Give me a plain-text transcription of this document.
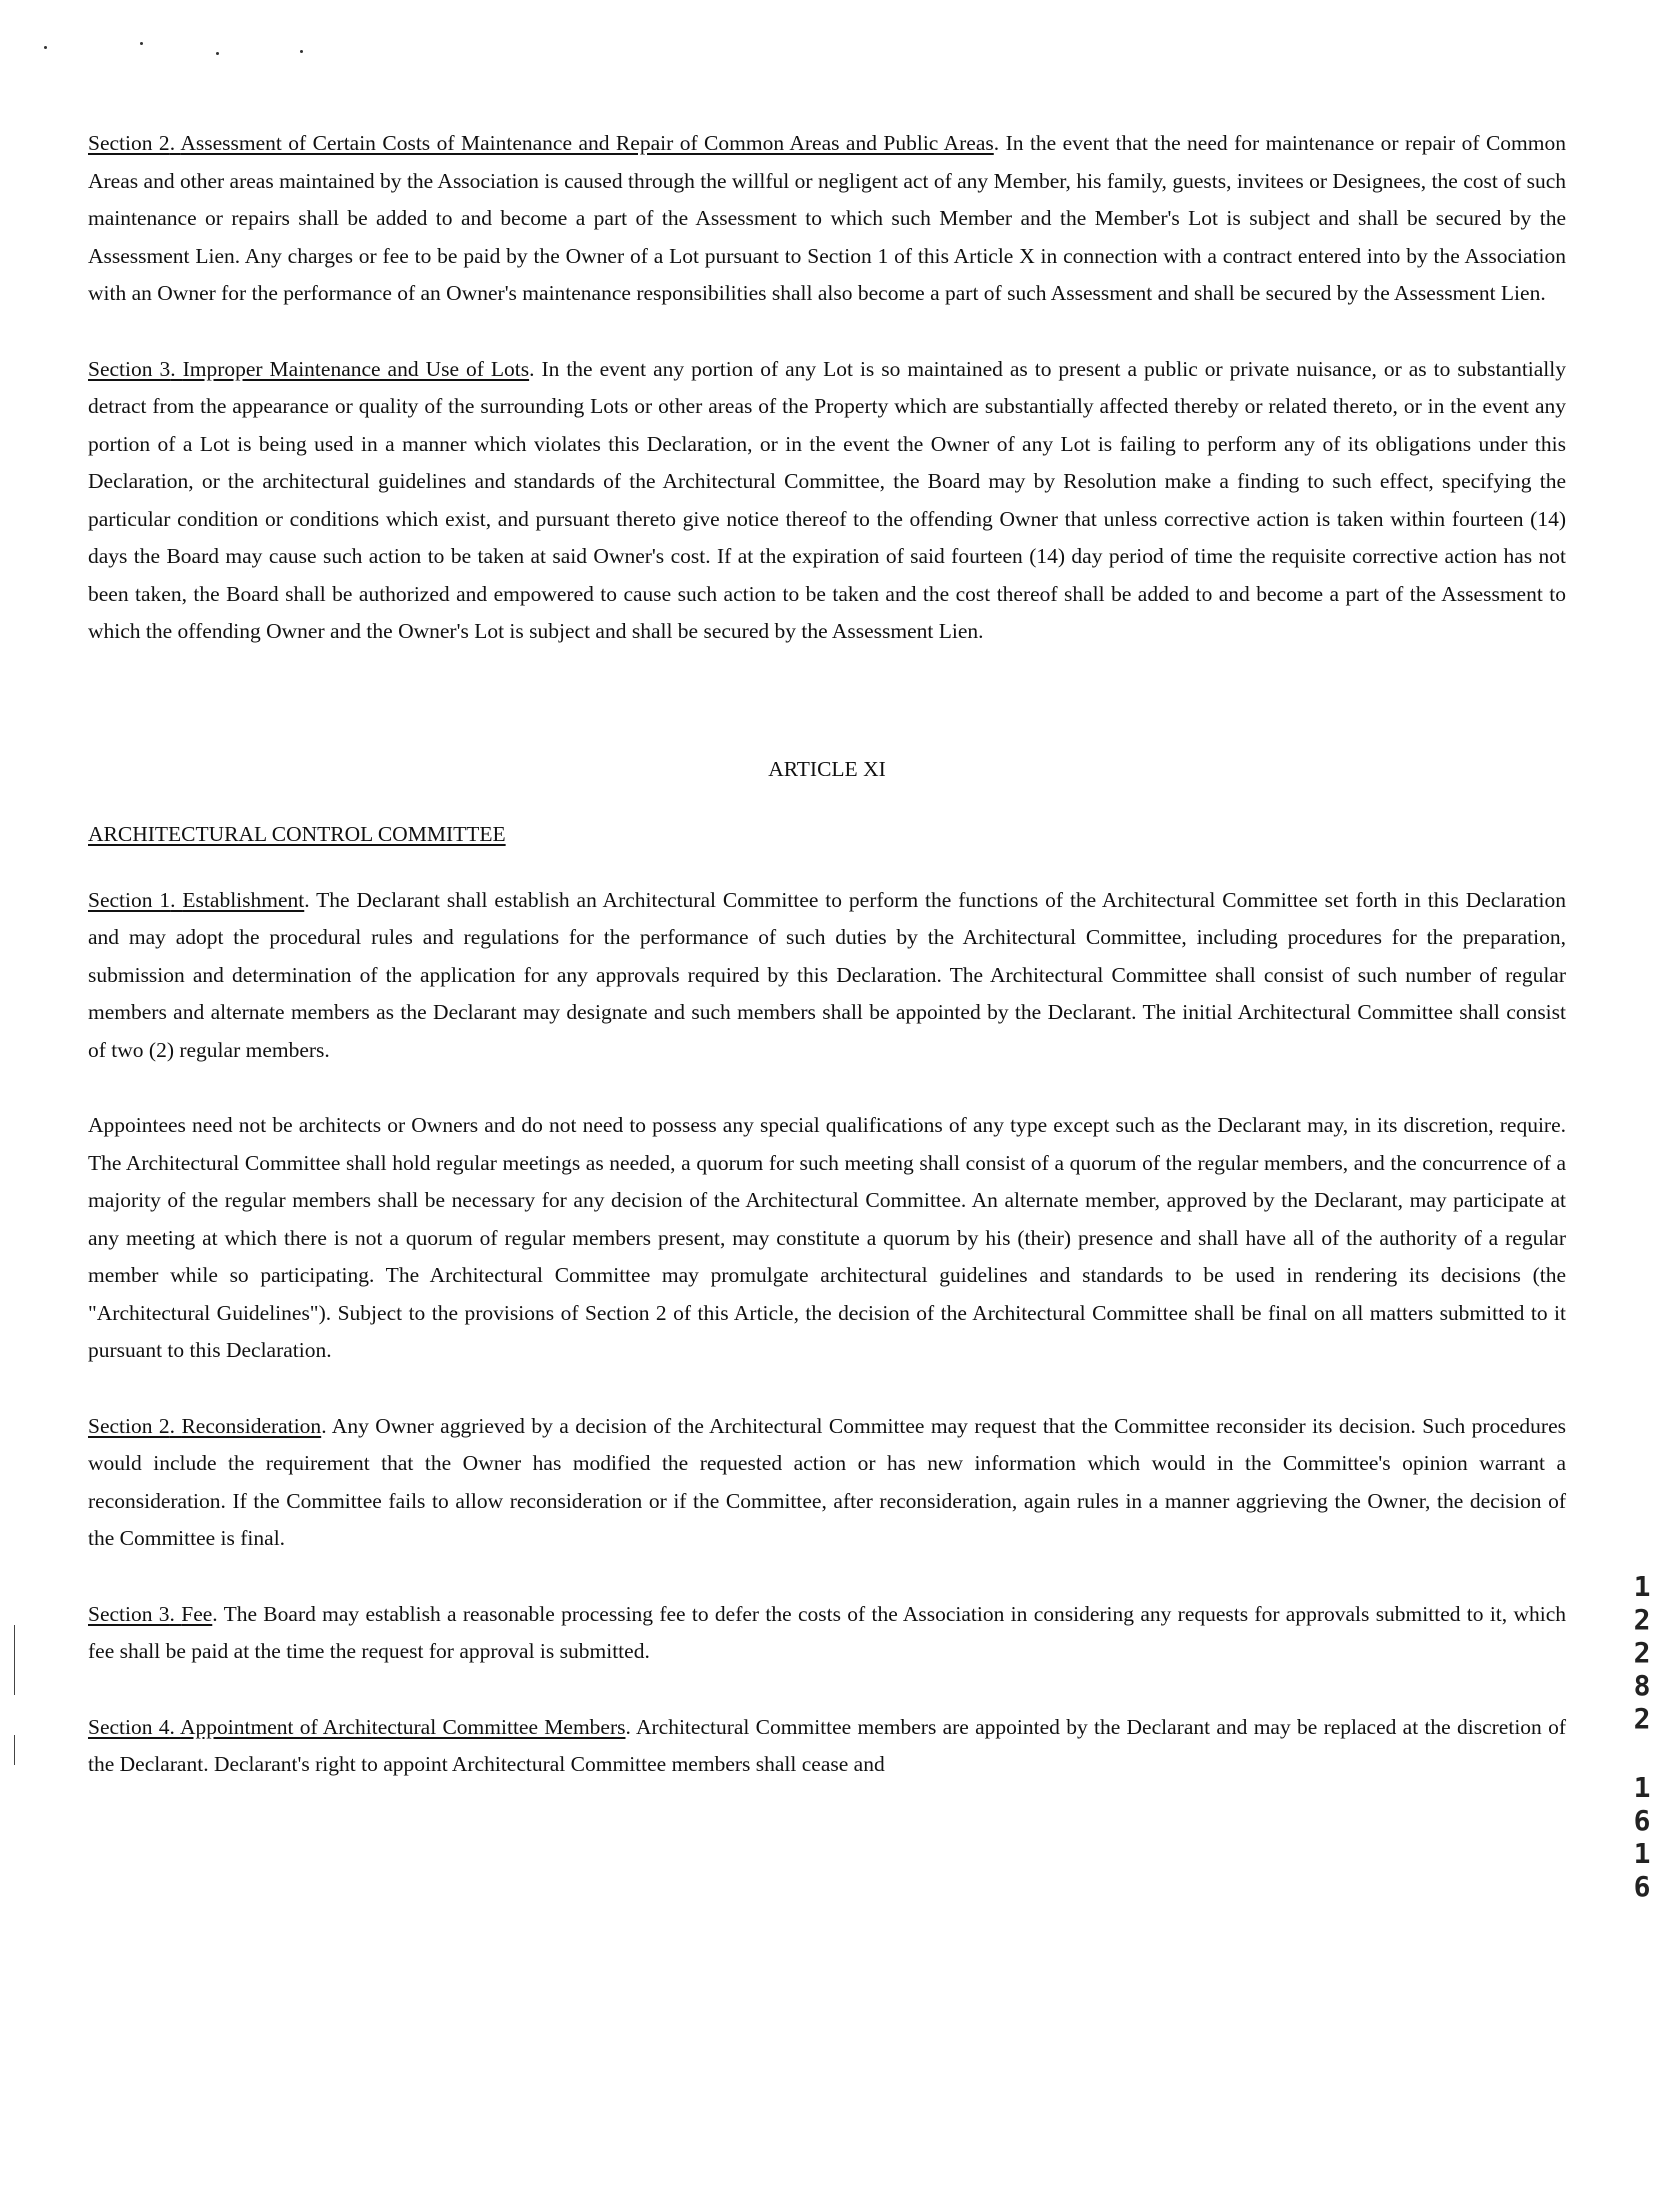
Section 2. Assessment of Certain Costs of Maintenance and Repair of Common Areas and Public Areas. In the event that the need for maintenance or repair of Common Areas and other areas maintained by the Association is caused through the willful or negligent act of any Member, his family, guests, invitees or Designees, the cost of such maintenance or repairs shall be added to and become a part of the Assessment to which such Member and the Member's Lot is subject and shall be secured by the Assessment Lien. Any charges or fee to be paid by the Owner of a Lot pursuant to Section 1 of this Article X in connection with a contract entered into by the Association with an Owner for the performance of an Owner's maintenance responsibilities shall also become a part of such Assessment and shall be secured by the Assessment Lien.

Section 3. Improper Maintenance and Use of Lots. In the event any portion of any Lot is so maintained as to present a public or private nuisance, or as to substantially detract from the appearance or quality of the surrounding Lots or other areas of the Property which are substantially affected thereby or related thereto, or in the event any portion of a Lot is being used in a manner which violates this Declaration, or in the event the Owner of any Lot is failing to perform any of its obligations under this Declaration, or the architectural guidelines and standards of the Architectural Committee, the Board may by Resolution make a finding to such effect, specifying the particular condition or conditions which exist, and pursuant thereto give notice thereof to the offending Owner that unless corrective action is taken within fourteen (14) days the Board may cause such action to be taken at said Owner's cost. If at the expiration of said fourteen (14) day period of time the requisite corrective action has not been taken, the Board shall be authorized and empowered to cause such action to be taken and the cost thereof shall be added to and become a part of the Assessment to which the offending Owner and the Owner's Lot is subject and shall be secured by the Assessment Lien.

ARTICLE XI
ARCHITECTURAL CONTROL COMMITTEE

Section 1. Establishment. The Declarant shall establish an Architectural Committee to perform the functions of the Architectural Committee set forth in this Declaration and may adopt the procedural rules and regulations for the performance of such duties by the Architectural Committee, including procedures for the preparation, submission and determination of the application for any approvals required by this Declaration. The Architectural Committee shall consist of such number of regular members and alternate members as the Declarant may designate and such members shall be appointed by the Declarant. The initial Architectural Committee shall consist of two (2) regular members.

Appointees need not be architects or Owners and do not need to possess any special qualifications of any type except such as the Declarant may, in its discretion, require. The Architectural Committee shall hold regular meetings as needed, a quorum for such meeting shall consist of a quorum of the regular members, and the concurrence of a majority of the regular members shall be necessary for any decision of the Architectural Committee. An alternate member, approved by the Declarant, may participate at any meeting at which there is not a quorum of regular members present, may constitute a quorum by his (their) presence and shall have all of the authority of a regular member while so participating. The Architectural Committee may promulgate architectural guidelines and standards to be used in rendering its decisions (the "Architectural Guidelines"). Subject to the provisions of Section 2 of this Article, the decision of the Architectural Committee shall be final on all matters submitted to it pursuant to this Declaration.

Section 2. Reconsideration. Any Owner aggrieved by a decision of the Architectural Committee may request that the Committee reconsider its decision. Such procedures would include the requirement that the Owner has modified the requested action or has new information which would in the Committee's opinion warrant a reconsideration. If the Committee fails to allow reconsideration or if the Committee, after reconsideration, again rules in a manner aggrieving the Owner, the decision of the Committee is final.

Section 3. Fee. The Board may establish a reasonable processing fee to defer the costs of the Association in considering any requests for approvals submitted to it, which fee shall be paid at the time the request for approval is submitted.

Section 4. Appointment of Architectural Committee Members. Architectural Committee members are appointed by the Declarant and may be replaced at the discretion of the Declarant. Declarant's right to appoint Architectural Committee members shall cease and

1
2
2
8
2
1
6
1
6
